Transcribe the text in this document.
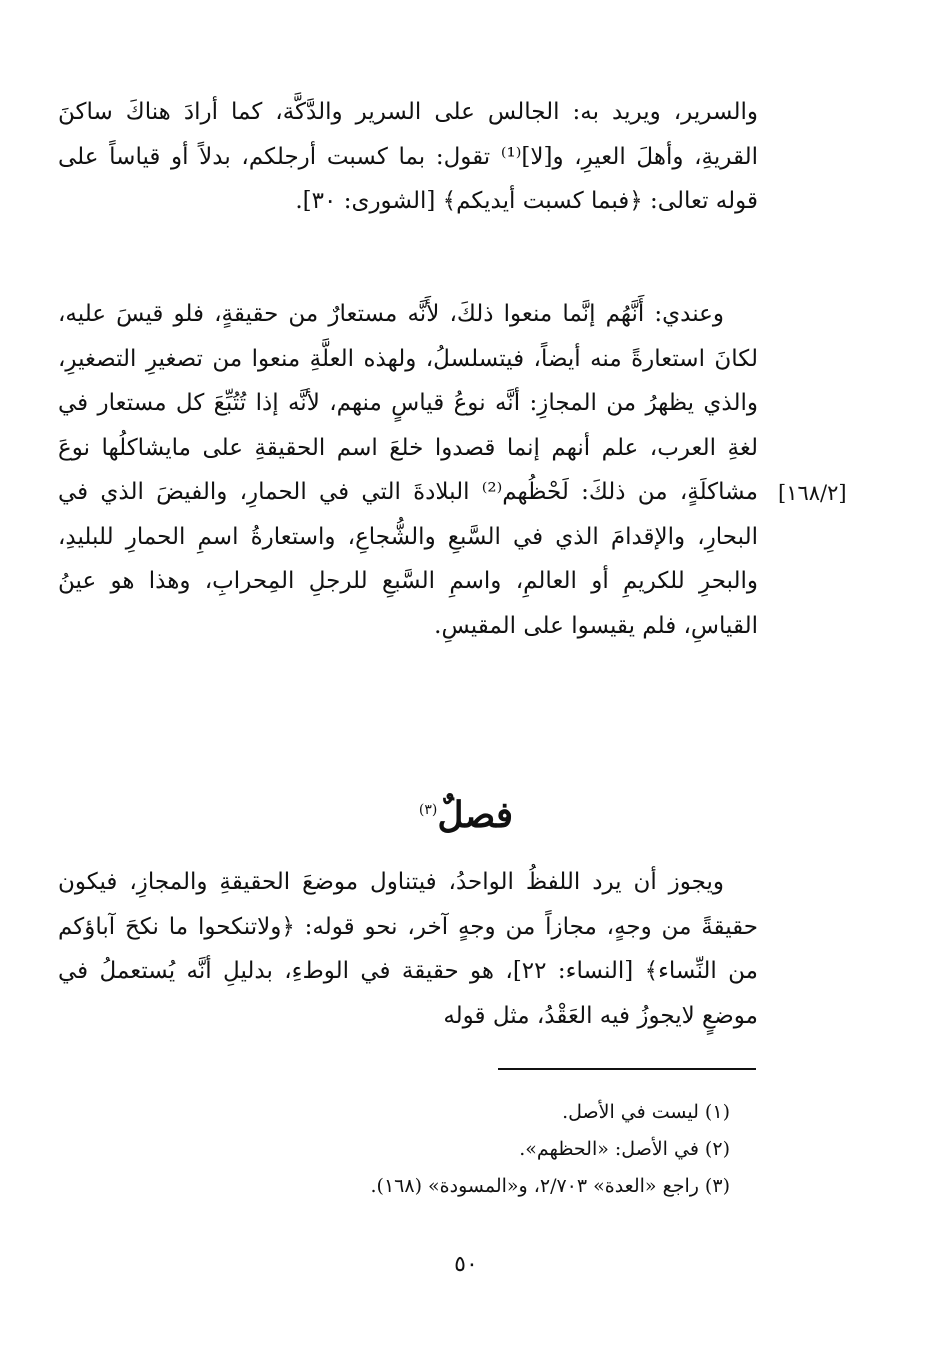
والسرير، ويريد به: الجالس على السرير والدَّكَّة، كما أرادَ هناكَ ساكنَ القريةِ، وأهلَ العيرِ، و[لا]⁽¹⁾ تقول: بما كسبت أرجلكم، بدلاً أو قياساً على قوله تعالى: ﴿فبما كسبت أيديكم﴾ [الشورى: ٣٠].

وعندي: أَنَّهُم إنَّما منعوا ذلكَ، لأَنَّه مستعارٌ من حقيقةٍ، فلو قيسَ عليه، لكانَ استعارةً منه أيضاً، فيتسلسلُ، ولهذه العلَّةِ منعوا من تصغيرِ التصغيرِ، والذي يظهرُ من المجازِ: أنَّه نوعُ قياسٍ منهم، لأنَّه إذا تُتُبِّعَ كل مستعار في لغةِ العرب، علم أنهم إنما قصدوا خلعَ اسم الحقيقةِ على مايشاكلُها نوعَ مشاكلَةٍ، من ذلكَ: لَحْظُهم⁽²⁾ البلادةَ التي في الحمارِ، والفيضَ الذي في البحارِ، والإقدامَ الذي في السَّبعِ والشُّجاعِ، واستعارةُ اسمِ الحمارِ للبليدِ، والبحرِ للكريمِ أو العالمِ، واسمِ السَّبعِ للرجلِ المِحرابِ، وهذا هو عينُ القياسِ، فلم يقيسوا على المقيسِ.

[١٦٨/٢]
فصلٌ$^{(٣)}$

ويجوز أن يرد اللفظُ الواحدُ، فيتناول موضعَ الحقيقةِ والمجازِ، فيكون حقيقةً من وجهٍ، مجازاً من وجهٍ آخر، نحو قوله: ﴿ولاتنكحوا ما نكحَ آباؤكم من النِّساء﴾ [النساء: ٢٢]، هو حقيقة في الوطءِ، بدليلِ أنَّه يُستعملُ في موضعٍ لايجوزُ فيه العَقْدُ، مثل قوله

(١) ليست في الأصل.

(٢) في الأصل: «الحظهم».

(٣) راجع «العدة» ٢/٧٠٣، و«المسودة» (١٦٨).

٥٠
